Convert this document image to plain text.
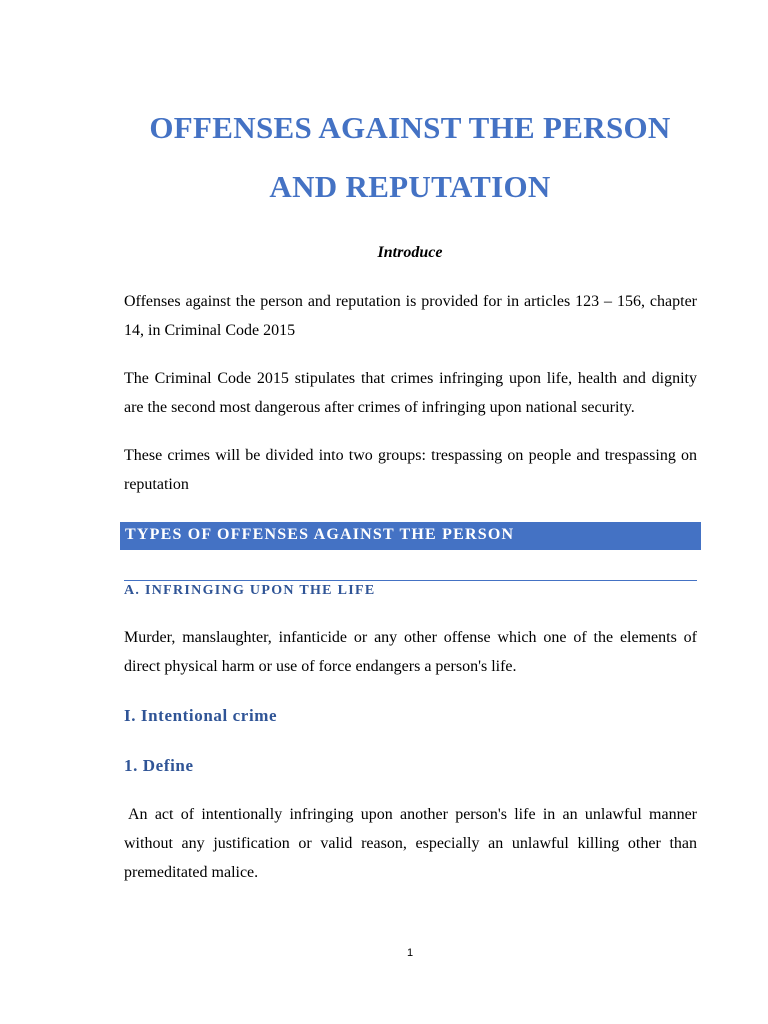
OFFENSES AGAINST THE PERSON
AND REPUTATION

Introduce

Offenses against the person and reputation is provided for in articles 123 – 156, chapter 14, in Criminal Code 2015

The Criminal Code 2015 stipulates that crimes infringing upon life, health and dignity are the second most dangerous after crimes of infringing upon national security.

These crimes will be divided into two groups: trespassing on people and trespassing on reputation

TYPES OF OFFENSES AGAINST THE PERSON
A. INFRINGING UPON THE LIFE

Murder, manslaughter, infanticide or any other offense which one of the elements of direct physical harm or use of force endangers a person's life.

I. Intentional crime
1. Define

An act of intentionally infringing upon another person's life in an unlawful manner without any justification or valid reason, especially an unlawful killing other than premeditated malice.

1
